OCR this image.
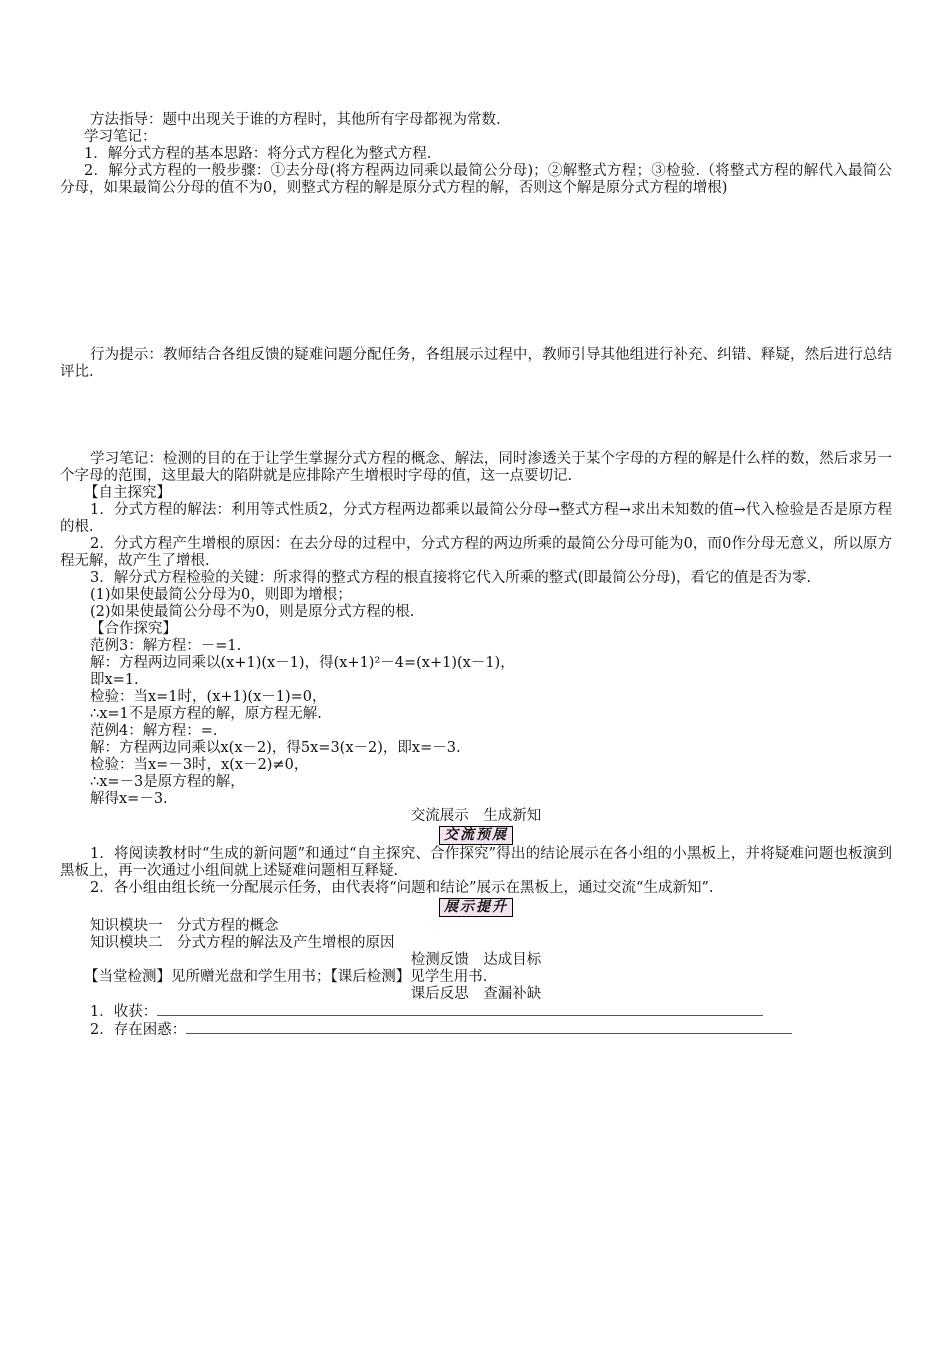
方法指导：题中出现关于谁的方程时，其他所有字母都视为常数.

学习笔记：

1．解分式方程的基本思路：将分式方程化为整式方程.

2．解分式方程的一般步骤：①去分母(将方程两边同乘以最简公分母)；②解整式方程；③检验.（将整式方程的解代入最简公分母，如果最简公分母的值不为0，则整式方程的解是原分式方程的解，否则这个解是原分式方程的增根)

行为提示：教师结合各组反馈的疑难问题分配任务，各组展示过程中，教师引导其他组进行补充、纠错、释疑，然后进行总结评比.

学习笔记：检测的目的在于让学生掌握分式方程的概念、解法，同时渗透关于某个字母的方程的解是什么样的数，然后求另一个字母的范围，这里最大的陷阱就是应排除产生增根时字母的值，这一点要切记.

【自主探究】

1．分式方程的解法：利用等式性质2，分式方程两边都乘以最简公分母→整式方程→求出未知数的值→代入检验是否是原方程的根.

2．分式方程产生增根的原因：在去分母的过程中，分式方程的两边所乘的最简公分母可能为0，而0作分母无意义，所以原方程无解，故产生了增根.

3．解分式方程检验的关键：所求得的整式方程的根直接将它代入所乘的整式(即最简公分母)，看它的值是否为零.

(1)如果使最简公分母为0，则即为增根；

(2)如果使最简公分母不为0，则是原分式方程的根.

【合作探究】

范例3：解方程：－=1.

解：方程两边同乘以(x+1)(x－1)，得(x+1)²－4=(x+1)(x－1)，

即x=1.

检验：当x=1时，(x+1)(x－1)=0，

∴x=1不是原方程的解，原方程无解.

范例4：解方程：=.

解：方程两边同乘以x(x－2)，得5x=3(x－2)，即x=－3.

检验：当x=－3时，x(x－2)≠0，

∴x=－3是原方程的解，

解得x=－3.

交流展示　生成新知

交流预展

1．将阅读教材时“生成的新问题”和通过“自主探究、合作探究”得出的结论展示在各小组的小黑板上，并将疑难问题也板演到黑板上，再一次通过小组间就上述疑难问题相互释疑.

2．各小组由组长统一分配展示任务，由代表将“问题和结论”展示在黑板上，通过交流“生成新知”.

展示提升

知识模块一　分式方程的概念

知识模块二　分式方程的解法及产生增根的原因

检测反馈　达成目标

【当堂检测】见所赠光盘和学生用书；【课后检测】见学生用书.

课后反思　查漏补缺

1．收获：

2．存在困惑：
